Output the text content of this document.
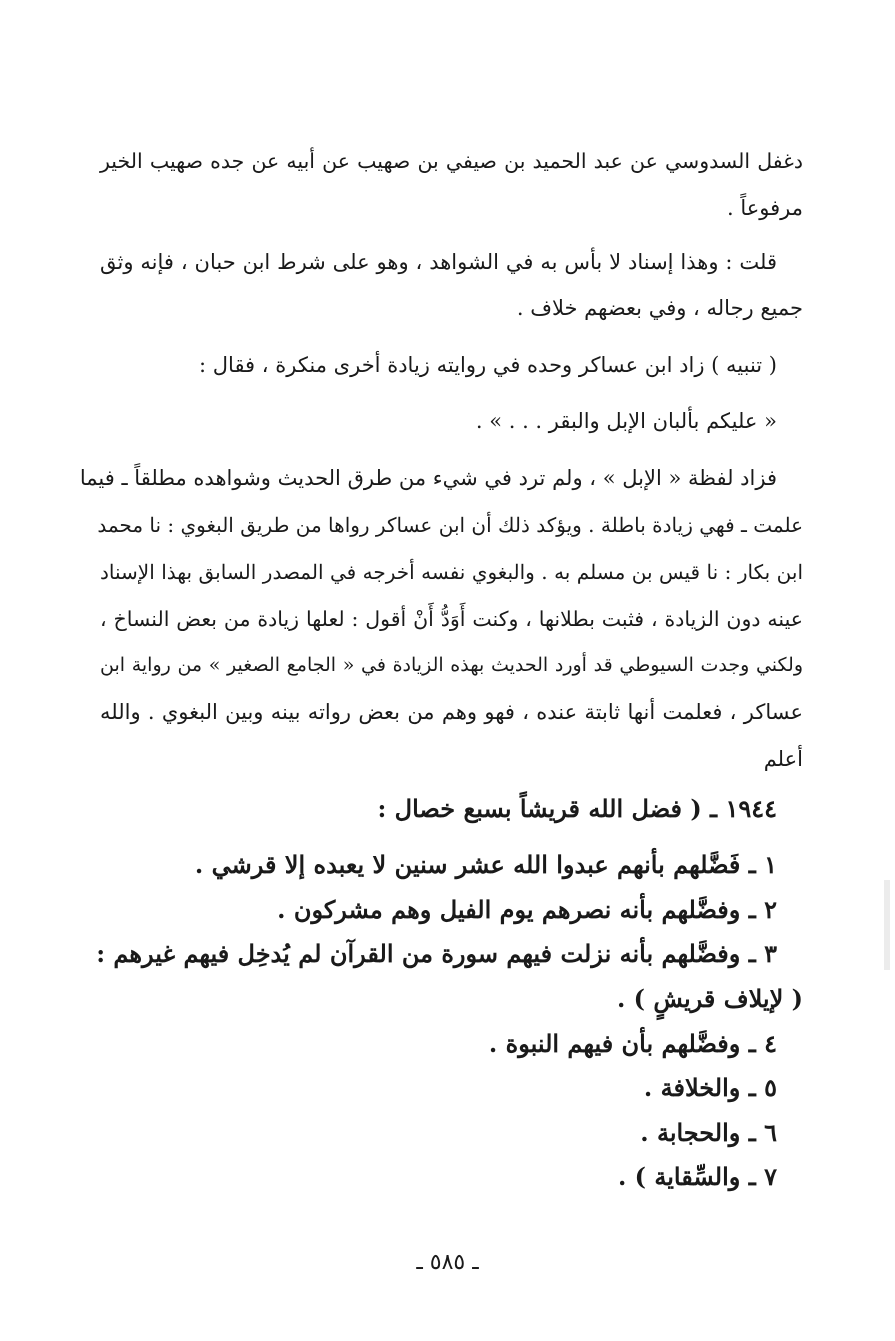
دغفل السدوسي عن عبد الحميد بن صيفي بن صهيب عن أبيه عن جده صهيب الخير
مرفوعاً .
قلت : وهذا إسناد لا بأس به في الشواهد ، وهو على شرط ابن حبان ، فإنه وثق
جميع رجاله ، وفي بعضهم خلاف .
( تنبيه ) زاد ابن عساكر وحده في روايته زيادة أخرى منكرة ، فقال :
« عليكم بألبان الإبل والبقر . . . » .
فزاد لفظة « الإبل » ، ولم ترد في شيء من طرق الحديث وشواهده مطلقاً ـ فيما
علمت ـ فهي زيادة باطلة . ويؤكد ذلك أن ابن عساكر رواها من طريق البغوي : نا محمد
ابن بكار : نا قيس بن مسلم به . والبغوي نفسه أخرجه في المصدر السابق بهذا الإسناد
عينه دون الزيادة ، فثبت بطلانها ، وكنت أَوَدُّ أَنْ أقول : لعلها زيادة من بعض النساخ ،
ولكني وجدت السيوطي قد أورد الحديث بهذه الزيادة في « الجامع الصغير » من رواية ابن
عساكر ، فعلمت أنها ثابتة عنده ، فهو وهم من بعض رواته بينه وبين البغوي . والله
أعلم
١٩٤٤ ـ ( فضل الله قريشاً بسبع خصال :
١ ـ فَضَّلهم بأنهم عبدوا الله عشر سنين لا يعبده إلا قرشي .
٢ ـ وفضَّلهم بأنه نصرهم يوم الفيل وهم مشركون .
٣ ـ وفضَّلهم بأنه نزلت فيهم سورة من القرآن لم يُدخِل فيهم غيرهم :
( لإيلاف قريشٍ ) .
٤ ـ وفضَّلهم بأن فيهم النبوة .
٥ ـ والخلافة .
٦ ـ والحجابة .
٧ ـ والسِّقاية ) .
ـ ٥٨٥ ـ
